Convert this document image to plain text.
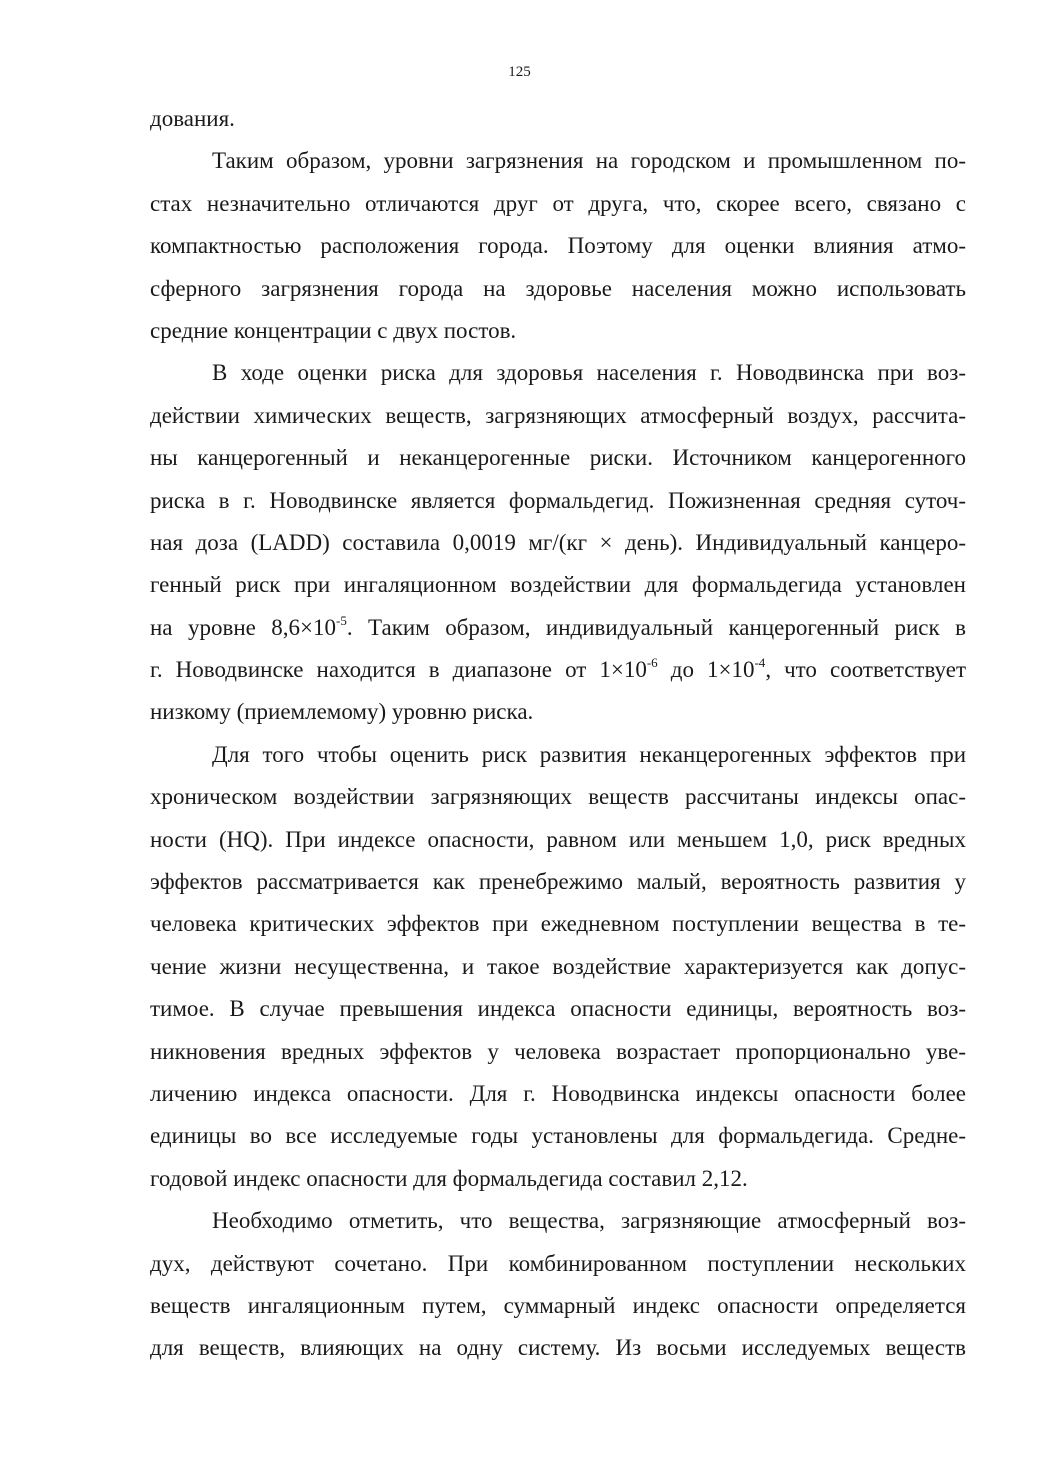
125
дования.
Таким образом, уровни загрязнения на городском и промышленном по-
стах незначительно отличаются друг от друга, что, скорее всего, связано с
компактностью расположения города. Поэтому для оценки влияния атмо-
сферного загрязнения города на здоровье населения можно использовать
средние концентрации с двух постов.
В ходе оценки риска для здоровья населения г. Новодвинска при воз-
действии химических веществ, загрязняющих атмосферный воздух, рассчита-
ны канцерогенный и неканцерогенные риски. Источником канцерогенного
риска в г. Новодвинске является формальдегид. Пожизненная средняя суточ-
ная доза (LADD) составила 0,0019 мг/(кг × день). Индивидуальный канцеро-
генный риск при ингаляционном воздействии для формальдегида установлен
на уровне $8,6\times 10^{-5}$. Таким образом, индивидуальный канцерогенный риск в
г. Новодвинске находится в диапазоне от $1\times 10^{-6}$ до $1\times 10^{-4}$, что соответствует
низкому (приемлемому) уровню риска.
Для того чтобы оценить риск развития неканцерогенных эффектов при
хроническом воздействии загрязняющих веществ рассчитаны индексы опас-
ности (HQ). При индексе опасности, равном или меньшем 1,0, риск вредных
эффектов рассматривается как пренебрежимо малый, вероятность развития у
человека критических эффектов при ежедневном поступлении вещества в те-
чение жизни несущественна, и такое воздействие характеризуется как допус-
тимое. В случае превышения индекса опасности единицы, вероятность воз-
никновения вредных эффектов у человека возрастает пропорционально уве-
личению индекса опасности. Для г. Новодвинска индексы опасности более
единицы во все исследуемые годы установлены для формальдегида. Средне-
годовой индекс опасности для формальдегида составил 2,12.
Необходимо отметить, что вещества, загрязняющие атмосферный воз-
дух, действуют сочетано. При комбинированном поступлении нескольких
веществ ингаляционным путем, суммарный индекс опасности определяется
для веществ, влияющих на одну систему. Из восьми исследуемых веществ
